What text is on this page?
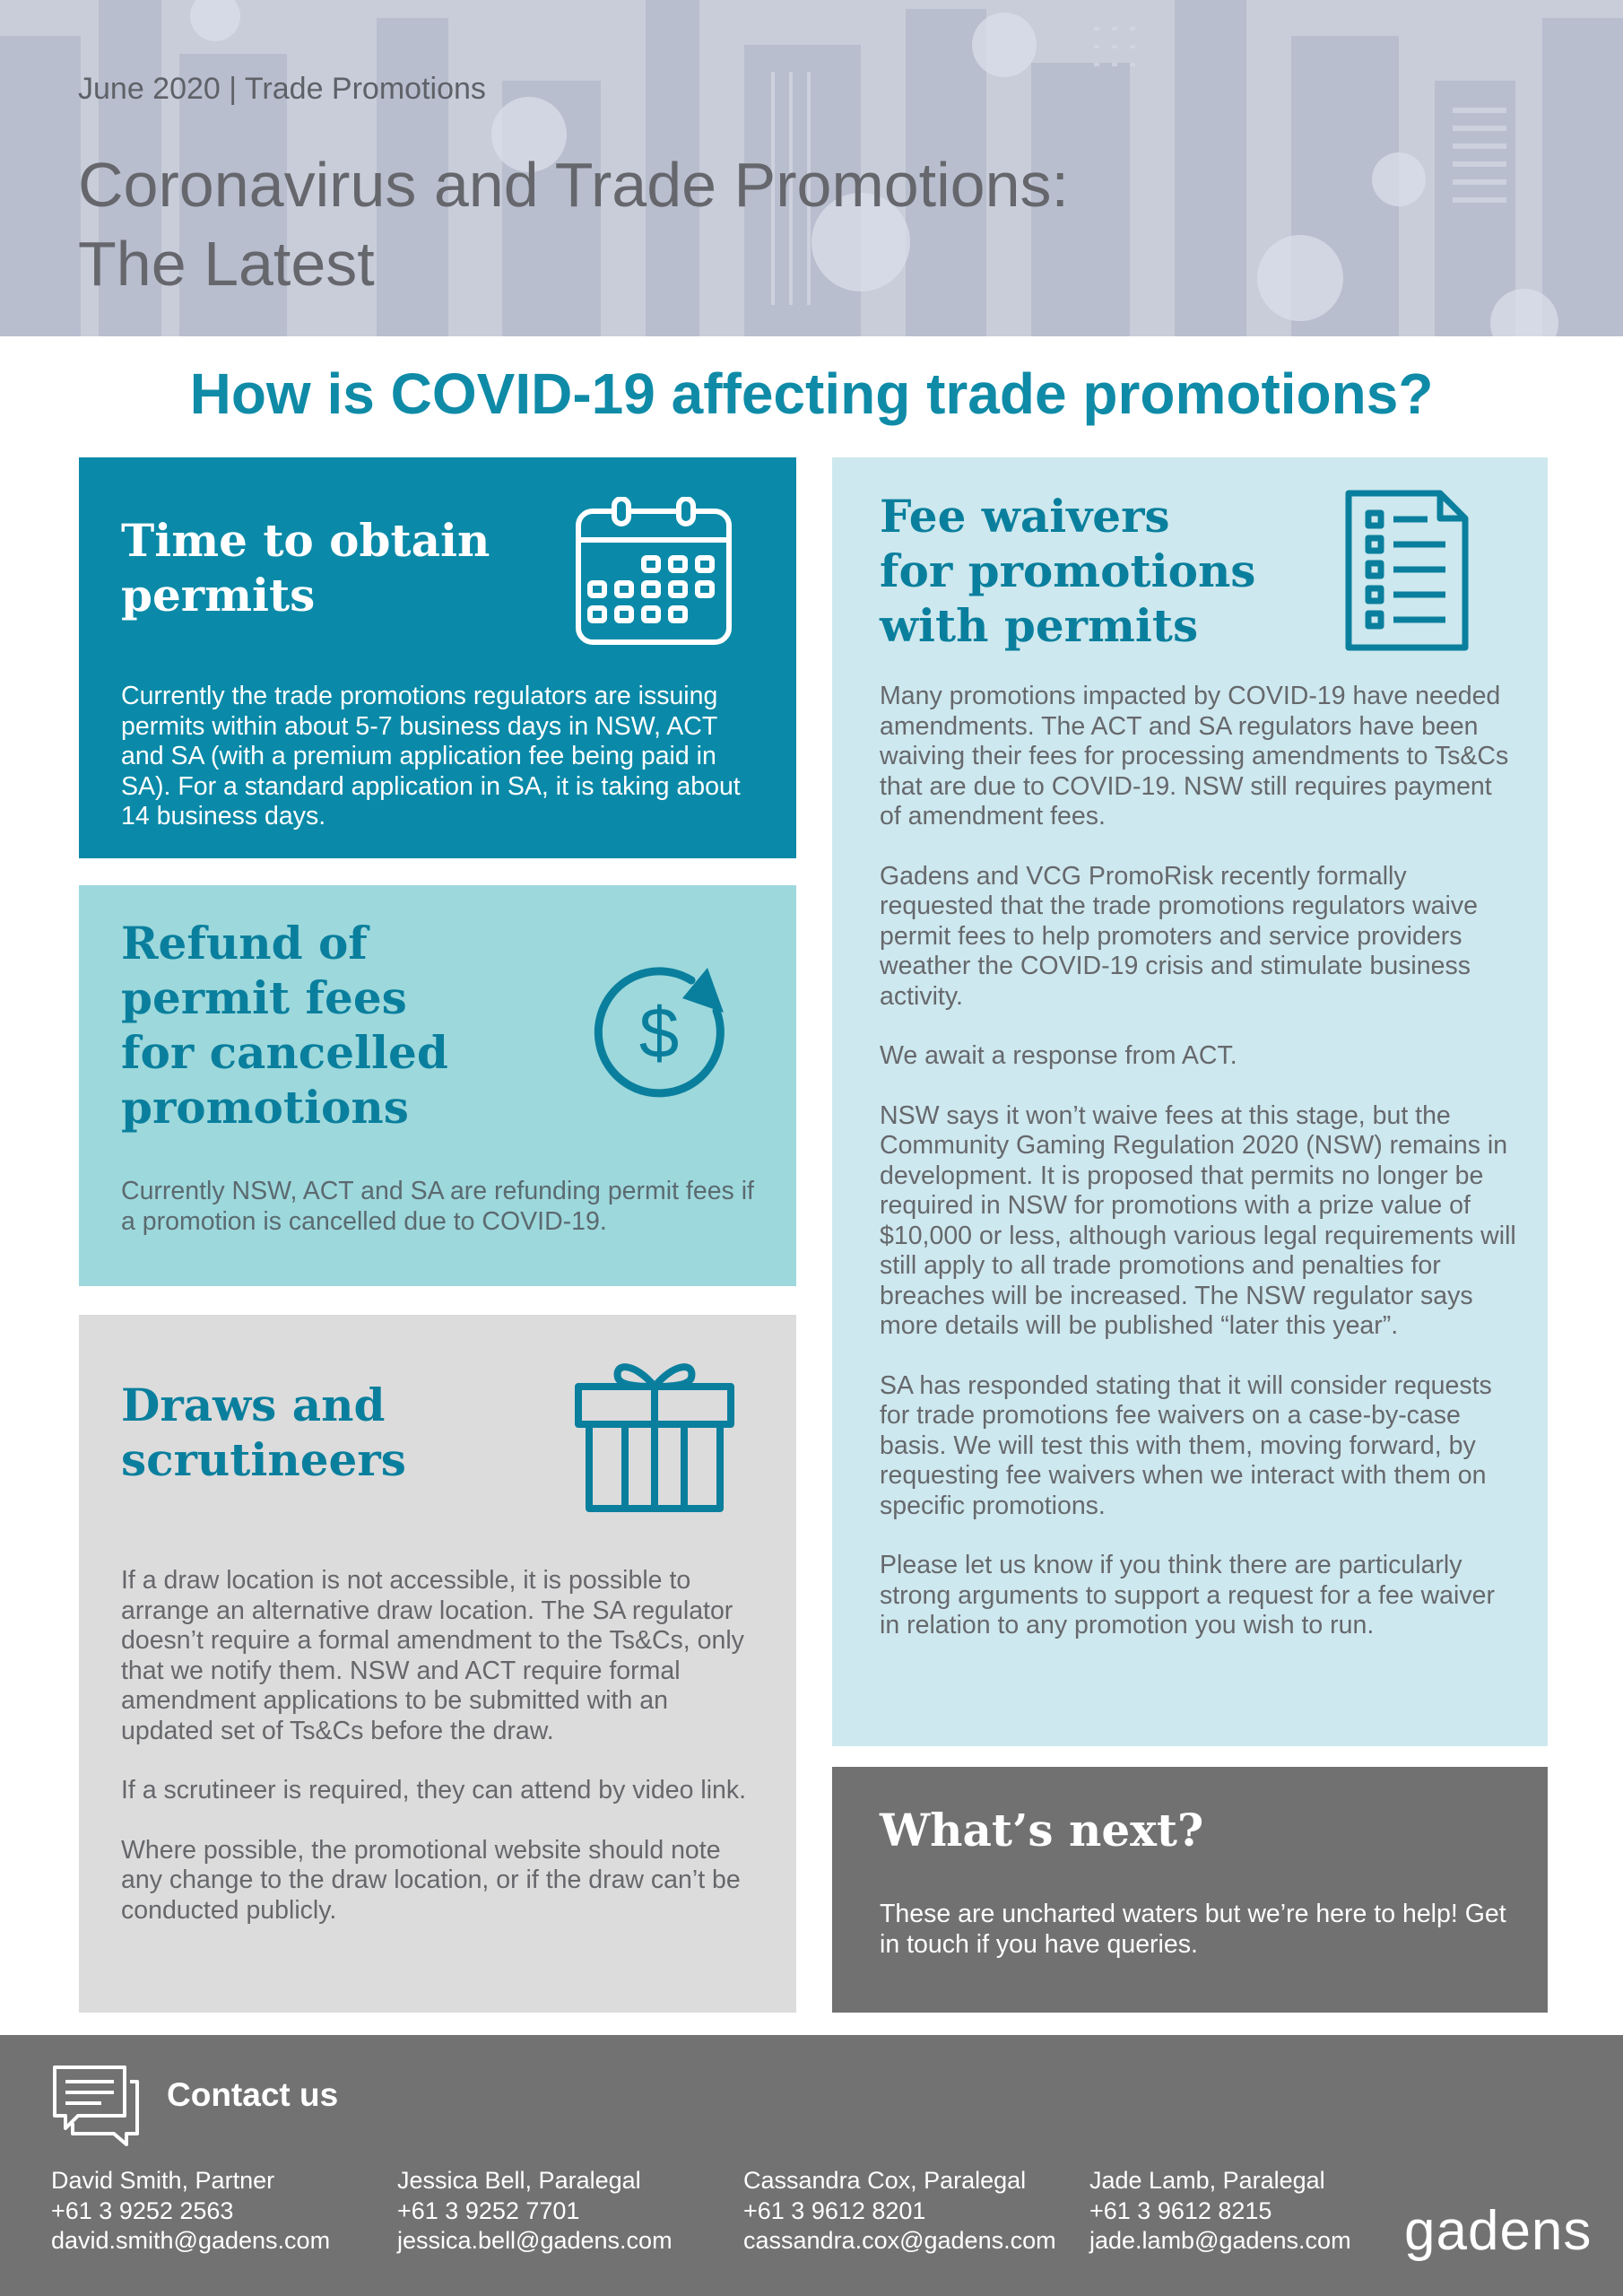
June 2020 | Trade Promotions
Coronavirus and Trade Promotions:
The Latest
How is COVID-19 affecting trade promotions?
Time to obtain
permits

Currently the trade promotions regulators are issuing permits within about 5-7 business days in NSW, ACT and SA (with a premium application fee being paid in SA). For a standard application in SA, it is taking about 14 business days.

Refund of
permit fees
for cancelled
promotions
$

Currently NSW, ACT and SA are refunding permit fees if a promotion is cancelled due to COVID-19.

Draws and
scrutineers

If a draw location is not accessible, it is possible to arrange an alternative draw location. The SA regulator doesn’t require a formal amendment to the Ts&Cs, only that we notify them. NSW and ACT require formal amendment applications to be submitted with an updated set of Ts&Cs before the draw.

If a scrutineer is required, they can attend by video link.

Where possible, the promotional website should note any change to the draw location, or if the draw can’t be conducted publicly.

Fee waivers
for promotions
with permits

Many promotions impacted by COVID-19 have needed amendments. The ACT and SA regulators have been waiving their fees for processing amendments to Ts&Cs that are due to COVID-19. NSW still requires payment of amendment fees.

Gadens and VCG PromoRisk recently formally requested that the trade promotions regulators waive permit fees to help promoters and service providers weather the COVID-19 crisis and stimulate business activity.

We await a response from ACT.

NSW says it won’t waive fees at this stage, but the Community Gaming Regulation 2020 (NSW) remains in development. It is proposed that permits no longer be required in NSW for promotions with a prize value of $10,000 or less, although various legal requirements will still apply to all trade promotions and penalties for breaches will be increased. The NSW regulator says more details will be published “later this year”.

SA has responded stating that it will consider requests for trade promotions fee waivers on a case-by-case basis. We will test this with them, moving forward, by requesting fee waivers when we interact with them on specific promotions.

Please let us know if you think there are particularly strong arguments to support a request for a fee waiver in relation to any promotion you wish to run.

What’s next?

These are uncharted waters but we’re here to help! Get in touch if you have queries.

Contact us
David Smith, Partner
+61 3 9252 2563
david.smith@gadens.com
Jessica Bell, Paralegal
+61 3 9252 7701
jessica.bell@gadens.com
Cassandra Cox, Paralegal
+61 3 9612 8201
cassandra.cox@gadens.com
Jade Lamb, Paralegal
+61 3 9612 8215
jade.lamb@gadens.com gadens
